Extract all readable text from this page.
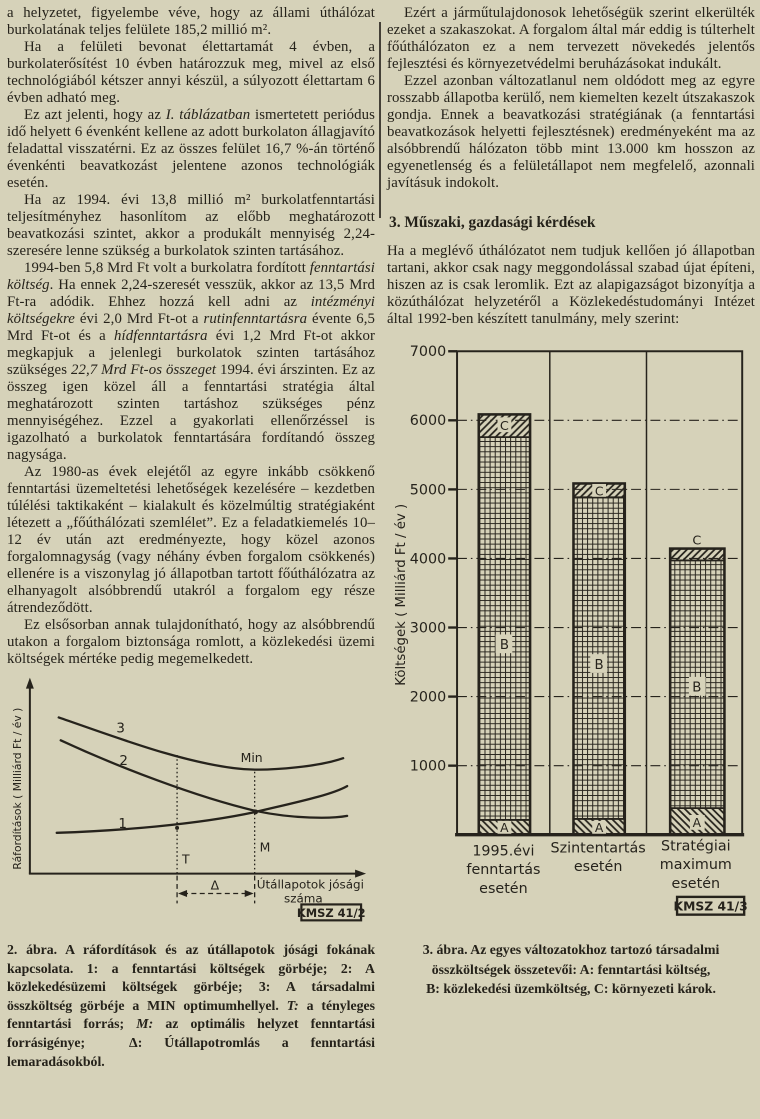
a helyzetet, figyelembe véve, hogy az állami úthálózat burkolatának teljes felülete 185,2 millió m².

Ha a felületi bevonat élettartamát 4 évben, a burkolaterősítést 10 évben határozzuk meg, mivel az első technológiából kétszer annyi készül, a súlyozott élettartam 6 évben adható meg.

Ez azt jelenti, hogy az I. táblázatban ismertetett periódus idő helyett 6 évenként kellene az adott burkolaton állagjavító feladattal visszatérni. Ez az összes felület 16,7 %-án történő évenkénti beavatkozást jelentene azonos technológiák esetén.

Ha az 1994. évi 13,8 millió m² burkolatfenntartási teljesítményhez hasonlítom az előbb meghatározott beavatkozási szintet, akkor a produkált mennyiség 2,24-szeresére lenne szükség a burkolatok szinten tartásához.

1994-ben 5,8 Mrd Ft volt a burkolatra fordított fenntartási költség. Ha ennek 2,24-szeresét vesszük, akkor az 13,5 Mrd Ft-ra adódik. Ehhez hozzá kell adni az intézményi költségekre évi 2,0 Mrd Ft-ot a rutinfenntartásra évente 6,5 Mrd Ft-ot és a hídfenntartásra évi 1,2 Mrd Ft-ot akkor megkapjuk a jelenlegi burkolatok szinten tartásához szükséges 22,7 Mrd Ft-os összeget 1994. évi árszinten. Ez az összeg igen közel áll a fenntartási stratégia által meghatározott szinten tartáshoz szükséges pénz mennyiségéhez. Ezzel a gyakorlati ellenőrzéssel is igazolható a burkolatok fenntartására fordítandó összeg nagysága.

Az 1980-as évek elejétől az egyre inkább csökkenő fenntartási üzemeltetési lehetőségek kezelésére – kezdetben túlélési taktikaként – kialakult és közelmúltig stratégiaként létezett a „főúthálózati szemlélet”. Ez a feladatkiemelés 10–12 év után azt eredményezte, hogy közel azonos forgalomnagyság (vagy néhány évben forgalom csökkenés) ellenére is a viszonylag jó állapotban tartott főúthálózatra az elhanyagolt alsóbbrendű utakról a forgalom egy része átrendeződött.

Ez elsősorban annak tulajdonítható, hogy az alsóbbrendű utakon a forgalom biztonsága romlott, a közlekedési üzemi költségek mértéke pedig megemelkedett.

3
2
1
Min
T
M
Δ	Útállapotok jósági
száma
Ráfordítások ( Milliárd Ft / év )
KMSZ 41/2

2. ábra. A ráfordítások és az útállapotok jósági fokának kapcsolata. 1: a fenntartási költségek görbéje; 2: A közlekedésüzemi költségek görbéje; 3: A társadalmi összköltség görbéje a MIN optimumhellyel. T: a tényleges fenntartási forrás; M: az optimális helyzet fenntartási forrásigénye;  Δ: Útállapotromlás a fenntartási lemaradásokból.

Ezért a járműtulajdonosok lehetőségük szerint elkerülték ezeket a szakaszokat. A forgalom által már eddig is túlterhelt főúthálózaton ez a nem tervezett növekedés jelentős fejlesztési és környezetvédelmi beruházásokat indukált.

Ezzel azonban változatlanul nem oldódott meg az egyre rosszabb állapotba kerülő, nem kiemelten kezelt útszakaszok gondja. Ennek a beavatkozási stratégiának (a fenntartási beavatkozások helyetti fejlesztésnek) eredményeként ma az alsóbbrendű hálózaton több mint 13.000 km hosszon az egyenetlenség és a felületállapot nem megfelelő, azonnali javításuk indokolt.

3. Műszaki, gazdasági kérdések

Ha a meglévő úthálózatot nem tudjuk kellően jó állapotban tartani, akkor csak nagy meggondolással szabad újat építeni, hiszen az is csak leromlik. Ezt az alapigazságot bizonyítja a közúthálózat helyzetéről a Közlekedéstudományi Intézet által 1992-ben készített tanulmány, mely szerint:

7000
6000
5000
4000
3000
2000
1000
Költségek ( Milliárd Ft / év )
C
B
A
C
B
A
C
B
A
1995.évi
fenntartás
esetén
Szintentartás
esetén
Stratégiai
maximum
esetén
KMSZ 41/3
3. ábra. Az egyes változatokhoz tartozó társadalmi
összköltségek összetevői: A: fenntartási költség,
B: közlekedési üzemköltség, C: környezeti károk.
